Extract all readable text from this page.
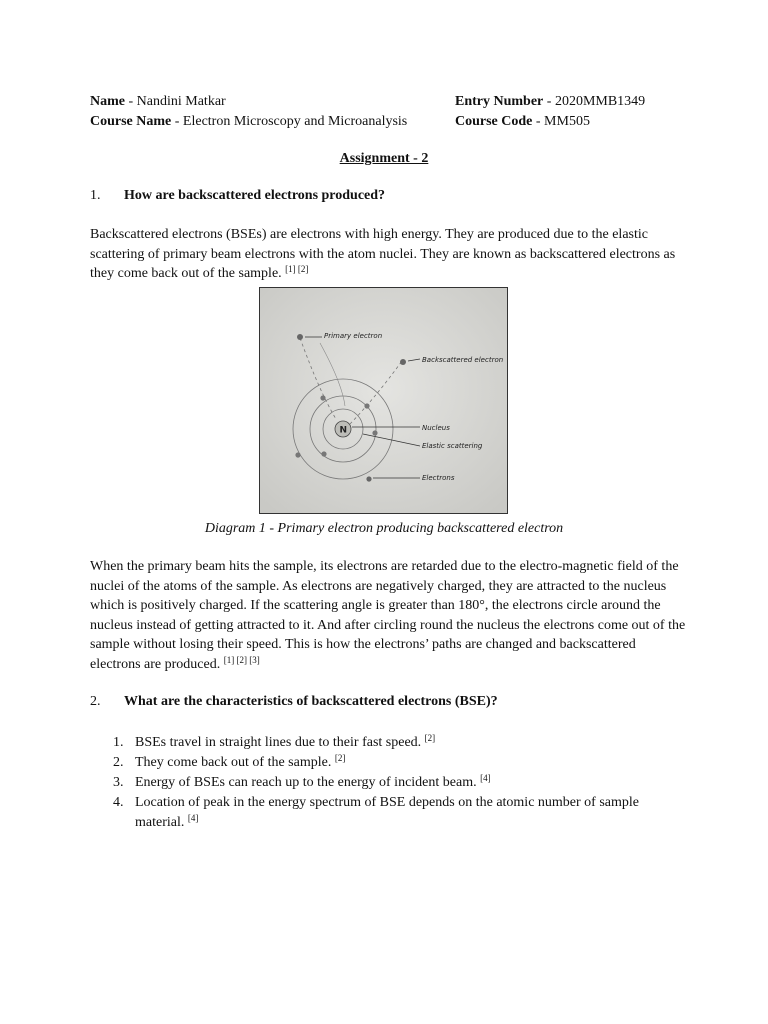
Name - Nandini Matkar
Course Name - Electron Microscopy and Microanalysis
Entry Number - 2020MMB1349
Course Code - MM505
Assignment - 2
1. How are backscattered electrons produced?
Backscattered electrons (BSEs) are electrons with high energy. They are produced due to the elastic
scattering of primary beam electrons with the atom nuclei. They are known as backscattered electrons as
they come back out of the sample. [1] [2]
N
Primary electron
Backscattered electron
Nucleus
Elastic scattering
Electrons
Diagram 1 - Primary electron producing backscattered electron
When the primary beam hits the sample, its electrons are retarded due to the electro-magnetic field of the
nuclei of the atoms of the sample. As electrons are negatively charged, they are attracted to the nucleus
which is positively charged. If the scattering angle is greater than 180°, the electrons circle around the
nucleus instead of getting attracted to it. And after circling round the nucleus the electrons come out of the
sample without losing their speed. This is how the electrons’ paths are changed and backscattered
electrons are produced. [1] [2] [3]
2. What are the characteristics of backscattered electrons (BSE)?
1. BSEs travel in straight lines due to their fast speed. [2]
2. They come back out of the sample. [2]
3. Energy of BSEs can reach up to the energy of incident beam. [4]
4. Location of peak in the energy spectrum of BSE depends on the atomic number of sample
material. [4]
